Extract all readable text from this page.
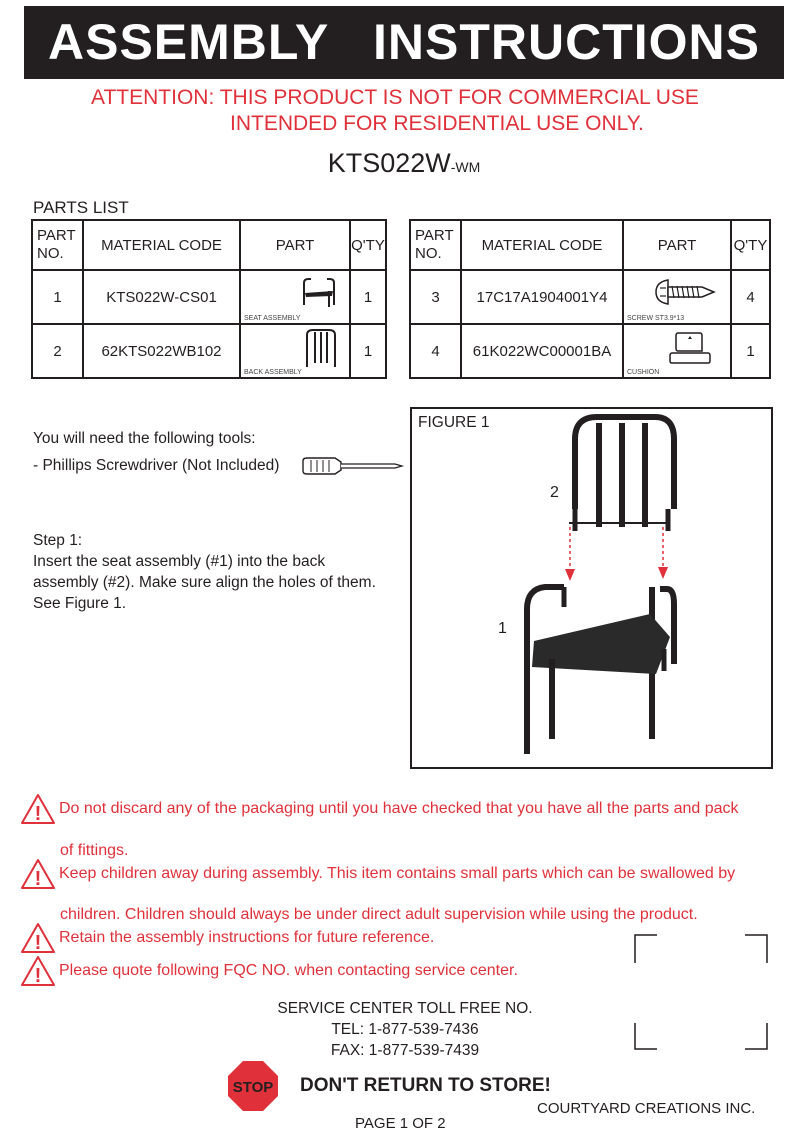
ASSEMBLY   INSTRUCTIONS
ATTENTION: THIS PRODUCT IS NOT FOR COMMERCIAL USE
INTENDED FOR RESIDENTIAL USE ONLY.
KTS022W-WM
PARTS LIST
PART
NO.	MATERIAL CODE	PART	Q'TY
1	KTS022W-CS01	SEAT ASSEMBLY	1
2	62KTS022WB102	BACK ASSEMBLY	1
PART
NO.	MATERIAL CODE	PART	Q'TY
3	17C17A1904001Y4	SCREW ST3.9*13	4
4	61K022WC00001BA	CUSHION	1
You will need the following tools:
- Phillips Screwdriver (Not Included)
Step 1:
Insert the seat assembly (#1) into the back
assembly (#2). Make sure align the holes of them.
See Figure 1.
FIGURE 1
2
1
! Do not discard any of the packaging until you have checked that you have all the parts and pack
of fittings.
! Keep children away during assembly. This item contains small parts which can be swallowed by
children. Children should always be under direct adult supervision while using the product.
! Retain the assembly instructions for future reference.
! Please quote following FQC NO. when contacting service center.
SERVICE CENTER TOLL FREE NO.
TEL: 1-877-539-7436
FAX: 1-877-539-7439
STOP DON'T RETURN TO STORE!
COURTYARD CREATIONS INC.
PAGE 1 OF 2
